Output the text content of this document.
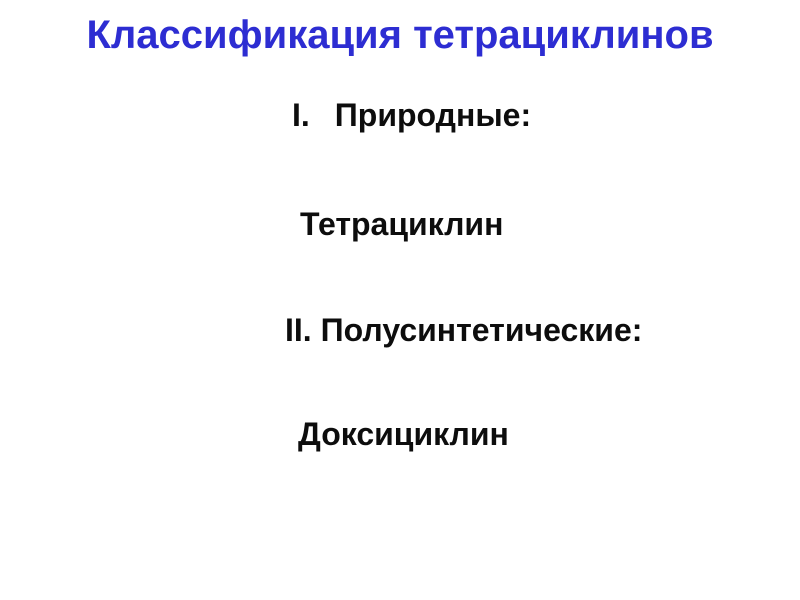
Классификация тетрациклинов
I. Природные:
Тетрациклин
II. Полусинтетические:
Доксициклин
